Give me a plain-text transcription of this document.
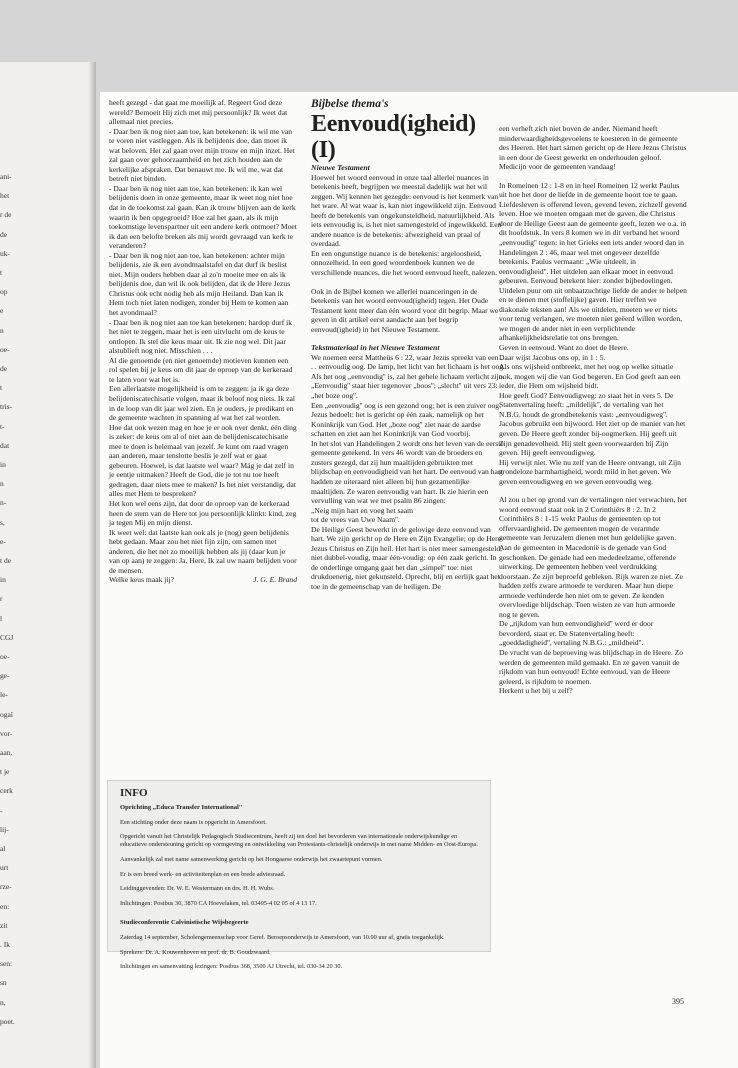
ani-
het
r de
de
uk-
t
op
e
n
oe-
de
t
tris-
t-
dat
in
n
n-
s,
e-
t de
in
r
l
CGJ
oe-
ge-
le-
ogal
vor-
aan,
t je
cerk
-
lij-
al
urt
rze-
en:
zit
. Ik
sen:
sn
n,
poet.

heeft gezegd - dat gaat me moeilijk af. Regeert God deze wereld? Bemoeit Hij zich met mij persoonlijk? Ik weet dat allemaal niet precies.

- Daar ben ik nog niet aan toe, kan betekenen: ik wil me van te voren niet vastleggen. Als ik belijdenis doe, dan moet ik wat beloven. Het zal gaan over mijn trouw en mijn inzet. Het zal gaan over gehoorzaamheid en het zich houden aan de kerkelijke afspraken. Dat benauwt me. Ik wil me, wat dat betreft niet binden.

- Daar ben ik nog niet aan toe, kan betekenen: ik kan wel belijdenis doen in onze gemeente, maar ik weet nog niet hoe dat in de toekomst zal gaan. Kan ik trouw blijven aan de kerk waarin ik ben opgegroeid? Hoe zal het gaan, als ik mijn toekomstige levenspartner uit een andere kerk ontmoet? Moet ik dan een belofte breken als mij wordt gevraagd van kerk te veranderen?

- Daar ben ik nog niet aan toe, kan betekenen: achter mijn belijdenis, zie ik een avondmaalstafel en dat durf ik beslist niet. Mijn ouders hebben daar al zo'n moeite mee en als ik belijdenis doe, dan wil ik ook belijden, dat ik de Here Jezus Christus ook echt nodig heb als mijn Heiland. Dan kan ik Hem toch niet laten nodigen, zonder bij Hem te komen aan het avondmaal?

- Daar ben ik nog niet aan toe kan betekenen: hardop durf ik het niet te zeggen, maar het is een uitvlucht om de keus te ontlopen. Ik stel die keus maar uit. Ik zie nog wel. Dit jaar alstublieft nog niet. Misschien . . .

Al die genoemde (en niet genoemde) motieven kunnen een rol spelen bij je keus om dit jaar de oproep van de kerkeraad te laten voor wat het is.

Een allerlaatste mogelijkheid is om te zeggen: ja ik ga deze belijdeniscatechisatie volgen, maar ik beloof nog niets. Ik zal in de loop van dit jaar wel zien. En je ouders, je predikant en de gemeente wachten in spanning af wat het zal worden.

Hoe dat ook wezen mag en hoe je er ook over denkt, één ding is zeker: de keus om al of niet aan de belijdeniscatechisatie mee te doen is helemaal van jezelf. Je kunt om raad vragen aan anderen, maar tenslotte beslis je zelf wat er gaat gebeuren. Hoewel, is dat laatste wel waar? Mág je dat zelf in je eentje uitmaken? Heeft de God, die je tot nu toe heeft gedragen, daar niets mee te maken? Is het niet verstandig, dat alles met Hem te bespreken?

Het kon wel eens zijn, dat door de oproep van de kerkeraad heen de stem van de Here tot jou persoonlijk klinkt: kind, zeg ja tegen Mij en mijn dienst.

Ik weet wel: dat laatste kan ook als je (nog) geen belijdenis hebt gedaan. Maar zou het niet fijn zijn, om samen met anderen, die het net zo moeilijk hebben als jij (daar kun je van op aan) te zeggen: Ja, Here, Ik zal uw naam belijden voor de mensen.

Welke keus maak jij?	J. G. E. Brand

Bijbelse thema's

Eenvoud(igheid) (I)

Nieuwe Testament

Hoewel het woord eenvoud in onze taal allerlei nuances in betekenis heeft, begrijpen we meestal dadelijk wat het wil zeggen. Wij kennen het gezegde: eenvoud is het kenmerk van het ware. Al wat waar is, kan niet ingewikkeld zijn. Eenvoud heeft de betekenis van ongekunsteldheid, natuurlijkheid. Als iets eenvoudig is, is het niet samengesteld of ingewikkeld. Een andere nuance is de betekenis: afwezigheid van praal of overdaad.

En een ongunstige nuance is de betekenis: argeloosheid, onnozelheid. In een goed woordenboek kunnen we de verschillende nuances, die het woord eenvoud heeft, nalezen.

Ook in de Bijbel komen we allerlei nuanceringen in de betekenis van het woord eenvoud(igheid) tegen. Het Oude Testament kent meer dan één woord voor dit begrip. Maar we geven in dit artikel eerst aandacht aan het begrip eenvoud(igheid) in het Nieuwe Testament.

Tekstmateriaal in het Nieuwe Testament

We noemen eerst Mattheüs 6 : 22, waar Jezus spreekt van een . . . eenvoudig oog. De lamp, het licht van het lichaam is het oog. Als het oog „eenvoudig'' is, zal het gehele lichaam verlicht zijn. „Eenvoudig'' staat hier tegenover „boos''; „slecht'' uit vers 23: „het boze oog''.

Een „eenvoudig'' oog is een gezond oog; het is een zuiver oog. Jezus bedoelt: het is gericht op één zaak, namelijk op het Koninkrijk van God. Het „boze oog'' ziet naar de aardse schatten en ziet aan het Koninkrijk van God voorbij.

In het slot van Handelingen 2 wordt ons het leven van de eerste gemeente getekend. In vers 46 wordt van de broeders en zusters gezegd, dat zij hun maaltijden gebruikten met blijdschap en eenvoudigheid van het hart. De eenvoud van hart hadden ze uiteraard niet alleen bij hun gezamenlijke maaltijden. Ze waren eenvoudig van hart. Ik zie hierin een vervulling van wat we met psalm 86 zingen:

„Neig mijn hart en voeg het saam

tot de vrees van Uwe Naam''.

De Heilige Geest bewerkt in de gelovige deze eenvoud van hart. We zijn gericht op de Here en Zijn Evangelie; op de Here Jezus Christus en Zijn heil. Het hart is niet meer samengesteld, niet dubbel-voudig, maar één-voudig: op één zaak gericht. In de onderlinge omgang gaat het dan „simpel'' toe: niet drukdoenerig, niet gekunsteld. Oprecht, blij en eerlijk gaat het toe in de gemeenschap van de heiligen. De

een verheft zich niet boven de ander. Niemand heeft minderwaardigheidsgevoelens te koesteren in de gemeente des Heeren. Het hart sámen gericht op de Here Jezus Christus in een door de Geest gewerkt en onderhouden geloof. Medicijn voor de gemeenten vandaag!

In Romeinen 12 : 1-8 en in heel Romeinen 12 werkt Paulus uit hoe het door de liefde in de gemeente hoort toe te gaan. Liefdesleven is offerend leven, gevend leven, zichzelf gevend leven. Hoe we moeten omgaan met de gaven, die Christus door de Heilige Geest aan de gemeente geeft, lezen we o.a. in dit hoofdstuk. In vers 8 komen we in dit verband het woord „eenvoudig'' tegen: in het Grieks een iets ander woord dan in Handelingen 2 : 46, maar wel met ongeveer dezelfde betekenis. Paulus vermaant: „Wie uitdeelt, in eenvoudigheid''. Het uitdelen aan elkaar moet in eenvoud gebeuren. Eenvoud betekent hier: zonder bijbedoelingen. Uitdelen puur om uit onbaatzuchtige liefde de ander te helpen en te dienen met (stoffelijke) gaven. Hier treffen we diakonale teksten aan! Als we uitdelen, moeten we er niets voor terug verlangen, we moeten niet geëerd willen worden, we mogen de ander niet in een verplichtende afhankelijkheidsrelatie tot ons brengen.

Geven in eenvoud. Want zo doet de Heere.

Daar wijst Jacobus ons op, in 1 : 5.

Als ons wijsheid ontbreekt, met het oog op welke situatie ook, mogen wij die van God begeren. En God geeft aan een ieder, die Hem om wijsheid bidt.

Hoe geeft God? Eenvoudigweg: zo staat het in vers 5. De Statenvertaling heeft: „mildelijk'', de vertaling van het N.B.G. houdt de grondbetekenis vast: „eenvoudigweg''. Jacobus gebruikt een bijwoord. Het ziet op de manier van het geven. De Heere geeft zonder bij-oogmerken. Hij geeft uit Zijn genadevolheid. Hij stelt geen voorwaarden bij Zijn geven. Hij geeft eenvoudigweg.

Hij verwijt niet. Wie nu zelf van de Heere ontvangt, uit Zijn grondeloze barmhartigheid, wordt mild in het geven. We geven eenvoudigweg en we geven eenvoudig weg.

Al zou u het op grond van de vertalingen niet verwachten, het woord eenvoud staat ook in 2 Corinthiërs 8 : 2. In 2 Corinthiërs 8 : 1-15 wekt Paulus de gemeenten op tot offervaardigheid. De gemeenten mogen de verarmde gemeente van Jeruzalem dienen met hun geldelijke gaven. Aan de gemeenten in Macedonië is de genade van God geschonken. De genade had een mededeelzame, offerende uitwerking. De gemeenten hebben veel verdrukking doorstaan. Ze zijn beproefd gebleken. Rijk waren ze niet. Ze hadden zelfs zware armoede te verduren. Maar hun diepe armoede verhinderde hen niet om te geven. Ze kenden overvloedige blijdschap. Toen wisten ze van hun armoede nog te geven.

De „rijkdom van hun eenvoudigheid'' werd er door bevorderd, staat er. De Statenvertaling heeft: „goeddadigheid'', vertaling N.B.G.: „mildheid''.

De vrucht van de beproeving was blijdschap in de Heere. Zo werden de gemeenten mild gemaakt. En ze gaven vanuit de rijkdom van hun eenvoud! Echte eenvoud, van de Heere geleerd, is rijkdom te noemen.

Herkent u het bij u zelf?

INFO
Oprichting „Educa Transfer International''

Een stichting onder deze naam is opgericht in Amersfoort.

Opgericht vanuit het Christelijk Pedagogisch Studiecentrum, heeft zij ten doel het bevorderen van internationale onderwijskundige en educatieve ondersteuning gericht op vormgeving en ontwikkeling van Protestants-christelijk onderwijs in met name Midden- en Oost-Europa.

Aanvankelijk zal met name samenwerking gericht op het Hongaarse onderwijs het zwaartepunt vormen.

Er is een breed werk- en activiteitenplan en een brede adviesraad.

Leidinggevenden: Dr. W. E. Westermann en drs. H. H. Wubs.

Inlichtingen: Postbus 30, 3870 CA Hoevelaken, tel. 03495-4 02 05 of 4 13 17.

Studieconferentie Calvinistische Wijsbegeerte

Zaterdag 14 september, Scholengemeenschap voor Geref. Beroepsonderwijs te Amersfoort, van 10.00 uur af, gratis toegankelijk.

Sprekers: Dr. A. Kouwenhoven en prof. dr. B. Goudzwaard.

Inlichtingen en samenvatting lezingen: Postbus 368, 3500 AJ Utrecht, tel. 030-34 20 30.

395
